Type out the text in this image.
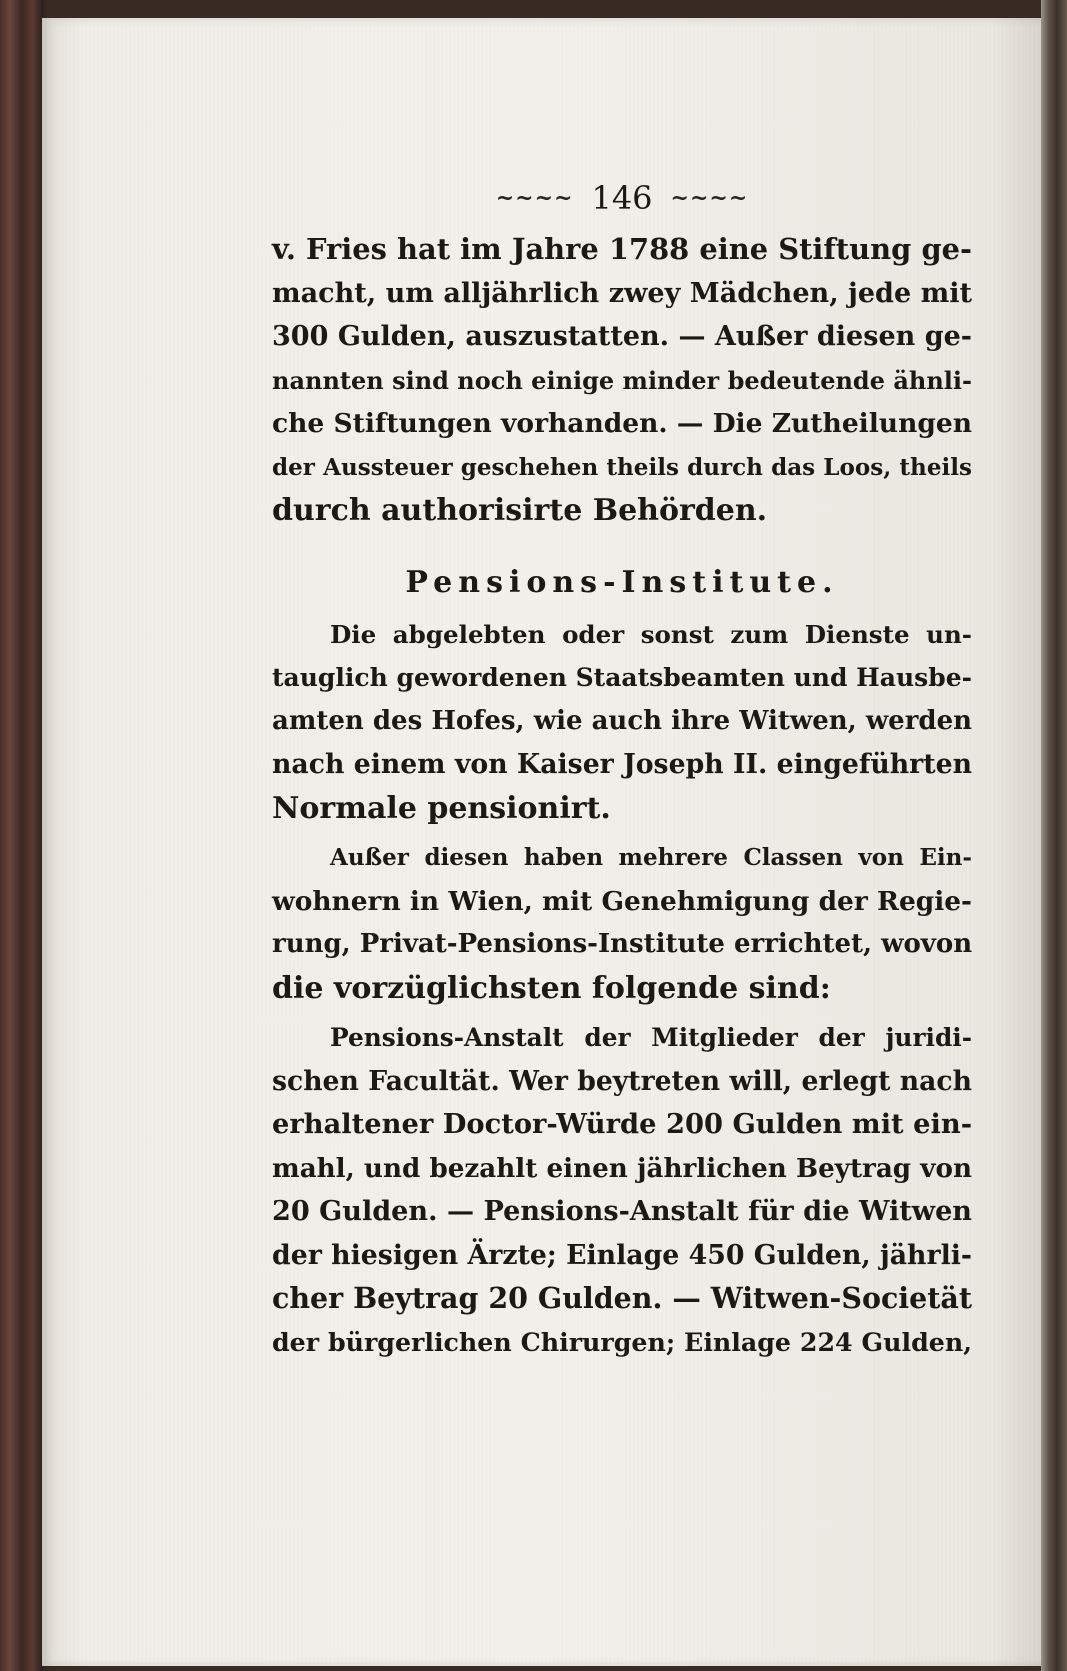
~~~~ 146 ~~~~
v. Fries hat im Jahre 1788 eine Stiftung ge-
macht, um alljährlich zwey Mädchen, jede mit
300 Gulden, auszustatten. — Außer diesen ge-
nannten sind noch einige minder bedeutende ähnli-
che Stiftungen vorhanden. — Die Zutheilungen
der Aussteuer geschehen theils durch das Loos, theils
durch authorisirte Behörden.
Pensions-Institute.
Die abgelebten oder sonst zum Dienste un-
tauglich gewordenen Staatsbeamten und Hausbe-
amten des Hofes, wie auch ihre Witwen, werden
nach einem von Kaiser Joseph II. eingeführten
Normale pensionirt.
Außer diesen haben mehrere Classen von Ein-
wohnern in Wien, mit Genehmigung der Regie-
rung, Privat-Pensions-Institute errichtet, wovon
die vorzüglichsten folgende sind:
Pensions-Anstalt der Mitglieder der juridi-
schen Facultät. Wer beytreten will, erlegt nach
erhaltener Doctor-Würde 200 Gulden mit ein-
mahl, und bezahlt einen jährlichen Beytrag von
20 Gulden. — Pensions-Anstalt für die Witwen
der hiesigen Ärzte; Einlage 450 Gulden, jährli-
cher Beytrag 20 Gulden. — Witwen-Societät
der bürgerlichen Chirurgen; Einlage 224 Gulden,
